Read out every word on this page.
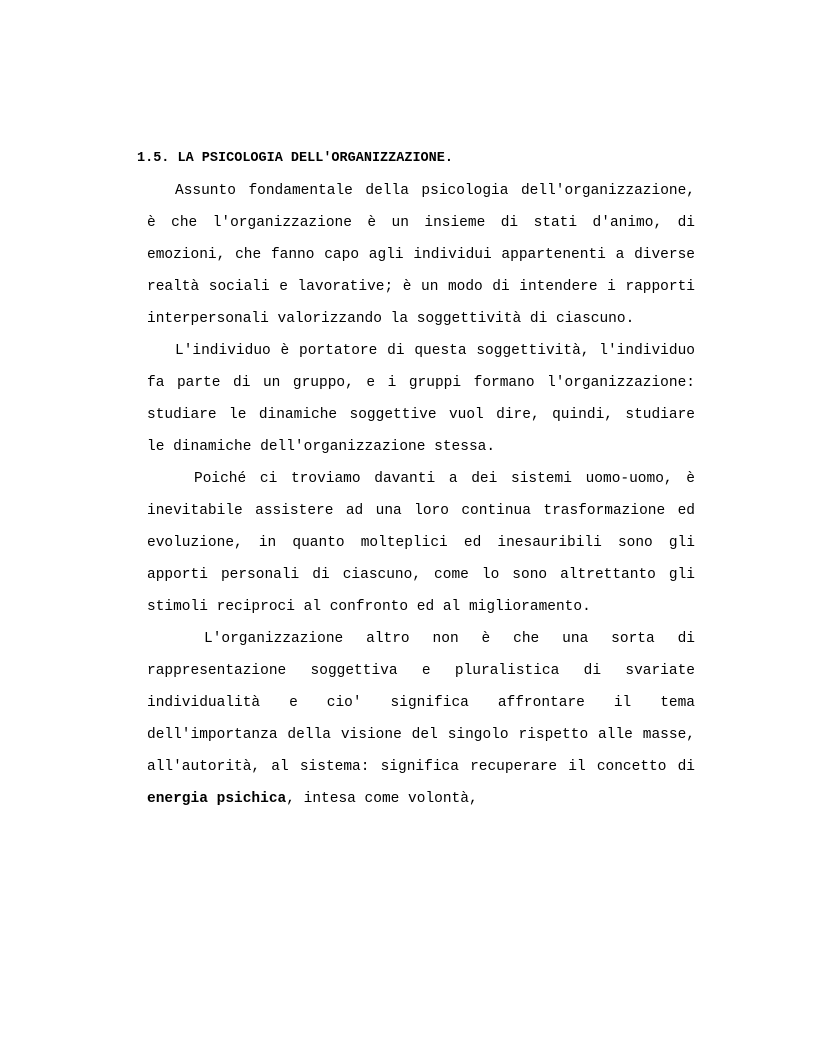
1.5. LA PSICOLOGIA DELL'ORGANIZZAZIONE.

Assunto fondamentale della psicologia dell'organizzazione, è che l'organizzazione è un insieme di stati d'animo, di emozioni, che fanno capo agli individui appartenenti a diverse realtà sociali e lavorative; è un modo di intendere i rapporti interpersonali valorizzando la soggettività di ciascuno.

L'individuo è portatore di questa soggettività, l'individuo fa parte di un gruppo, e i gruppi formano l'organizzazione: studiare le dinamiche soggettive vuol dire, quindi, studiare le dinamiche dell'organizzazione stessa.

Poiché ci troviamo davanti a dei sistemi uomo-uomo, è inevitabile assistere ad una loro continua trasformazione ed evoluzione, in quanto molteplici ed inesauribili sono gli apporti personali di ciascuno, come lo sono altrettanto gli stimoli reciproci al confronto ed al miglioramento.

L'organizzazione altro non è che una sorta di rappresentazione soggettiva e pluralistica di svariate individualità e cio' significa affrontare il tema dell'importanza della visione del singolo rispetto alle masse, all'autorità, al sistema: significa recuperare il concetto di energia psichica, intesa come volontà,
